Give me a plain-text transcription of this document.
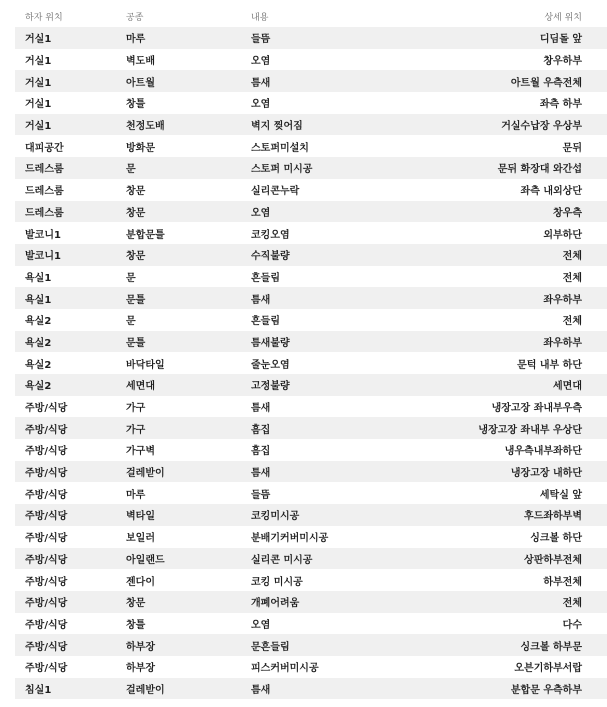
하자 위치	공종	내용	상세 위치
거실1	마루	들뜸	디딤돌 앞
거실1	벽도배	오염	창우하부
거실1	아트월	틈새	아트월 우측전체
거실1	창틀	오염	좌측 하부
거실1	천정도배	벽지 찢어짐	거실수납장 우상부
대피공간	방화문	스토퍼미설치	문뒤
드레스룸	문	스토퍼 미시공	문뒤 화장대 와간섭
드레스룸	창문	실리콘누락	좌측 내외상단
드레스룸	창문	오염	창우측
발코니1	분합문틀	코킹오염	외부하단
발코니1	창문	수직불량	전체
욕실1	문	흔들림	전체
욕실1	문틀	틈새	좌우하부
욕실2	문	흔들림	전체
욕실2	문틀	틈새불량	좌우하부
욕실2	바닥타일	줄눈오염	문턱 내부 하단
욕실2	세면대	고정불량	세면대
주방/식당	가구	틈새	냉장고장 좌내부우측
주방/식당	가구	흠집	냉장고장 좌내부 우상단
주방/식당	가구벽	흠집	냉우측내부좌하단
주방/식당	걸레받이	틈새	냉장고장 내하단
주방/식당	마루	들뜸	세탁실 앞
주방/식당	벽타일	코킹미시공	후드좌하부벽
주방/식당	보일러	분배기커버미시공	싱크볼 하단
주방/식당	아일랜드	실리콘 미시공	상판하부전체
주방/식당	젠다이	코킹 미시공	하부전체
주방/식당	창문	개폐어려움	전체
주방/식당	창틀	오염	다수
주방/식당	하부장	문흔들림	싱크볼 하부문
주방/식당	하부장	피스커버미시공	오븐기하부서랍
침실1	걸레받이	틈새	분합문 우측하부
